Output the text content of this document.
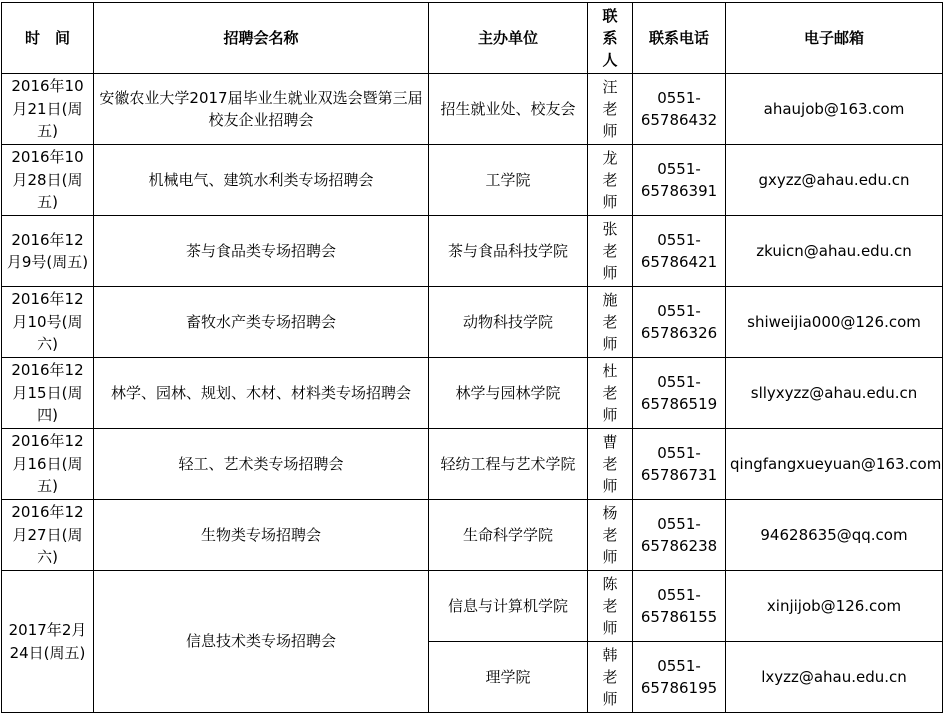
时　间	招聘会名称	主办单位	联系人	联系电话	电子邮箱
2016年10月21日(周五)	安徽农业大学2017届毕业生就业双选会暨第三届校友企业招聘会	招生就业处、校友会	汪老师	0551-65786432	ahaujob@163.com
2016年10月28日(周五)	机械电气、建筑水利类专场招聘会	工学院	龙老师	0551-65786391	gxyzz@ahau.edu.cn
2016年12月9号(周五)	茶与食品类专场招聘会	茶与食品科技学院	张老师	0551-65786421	zkuicn@ahau.edu.cn
2016年12月10号(周六)	畜牧水产类专场招聘会	动物科技学院	施老师	0551-65786326	shiweijia000@126.com
2016年12月15日(周四)	林学、园林、规划、木材、材料类专场招聘会	林学与园林学院	杜老师	0551-65786519	sllyxyzz@ahau.edu.cn
2016年12月16日(周五)	轻工、艺术类专场招聘会	轻纺工程与艺术学院	曹老师	0551-65786731	qingfangxueyuan@163.com
2016年12月27日(周六)	生物类专场招聘会	生命科学学院	杨老师	0551-65786238	94628635@qq.com
2017年2月24日(周五)	信息技术类专场招聘会	信息与计算机学院	陈老师	0551-65786155	xinjijob@126.com
		理学院	韩老师	0551-65786195	lxyzz@ahau.edu.cn
